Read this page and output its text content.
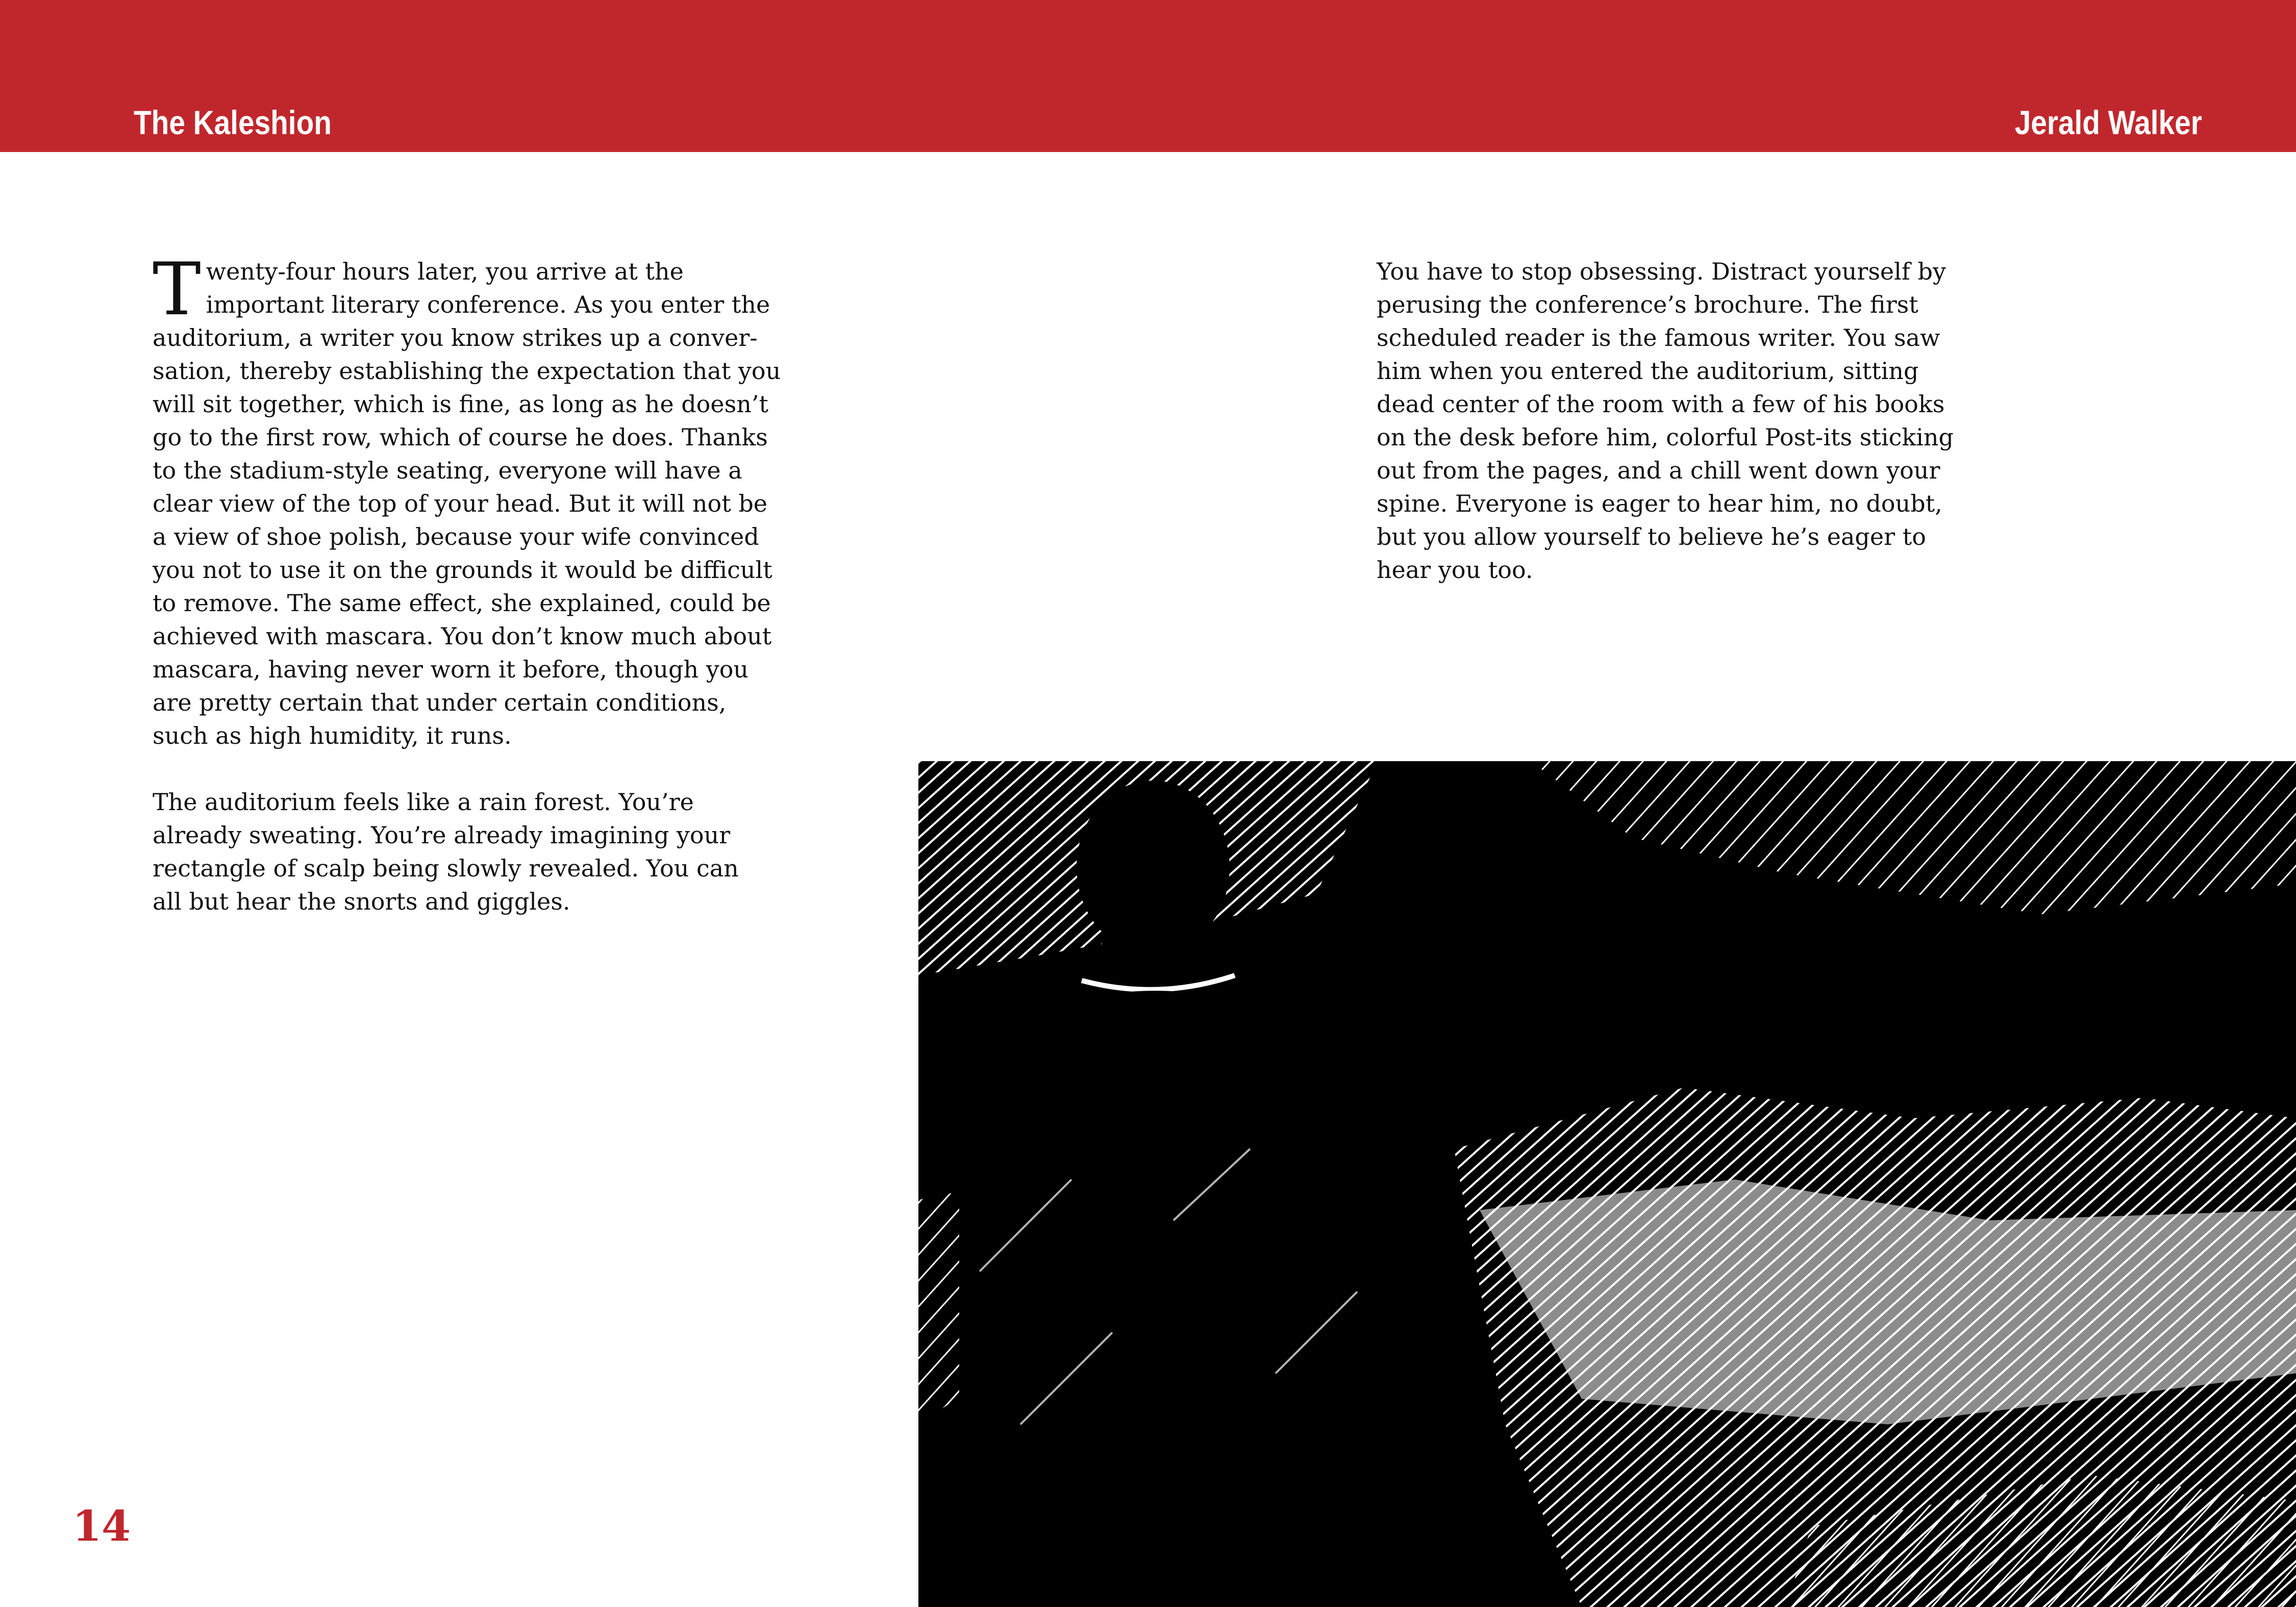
The Kaleshion	Jerald Walker

T wenty-four hours later, you arrive at the
important literary conference. As you enter the
auditorium, a writer you know strikes up a conver-
sation, thereby establishing the expectation that you
will sit together, which is fine, as long as he doesn’t
go to the first row, which of course he does. Thanks
to the stadium-style seating, everyone will have a
clear view of the top of your head. But it will not be
a view of shoe polish, because your wife convinced
you not to use it on the grounds it would be difficult
to remove. The same effect, she explained, could be
achieved with mascara. You don’t know much about
mascara, having never worn it before, though you
are pretty certain that under certain conditions,
such as high humidity, it runs.

The auditorium feels like a rain forest. You’re
already sweating. You’re already imagining your
rectangle of scalp being slowly revealed. You can
all but hear the snorts and giggles.

You have to stop obsessing. Distract yourself by
perusing the conference’s brochure. The first
scheduled reader is the famous writer. You saw
him when you entered the auditorium, sitting
dead center of the room with a few of his books
on the desk before him, colorful Post-its sticking
out from the pages, and a chill went down your
spine. Everyone is eager to hear him, no doubt,
but you allow yourself to believe he’s eager to
hear you too.

14
